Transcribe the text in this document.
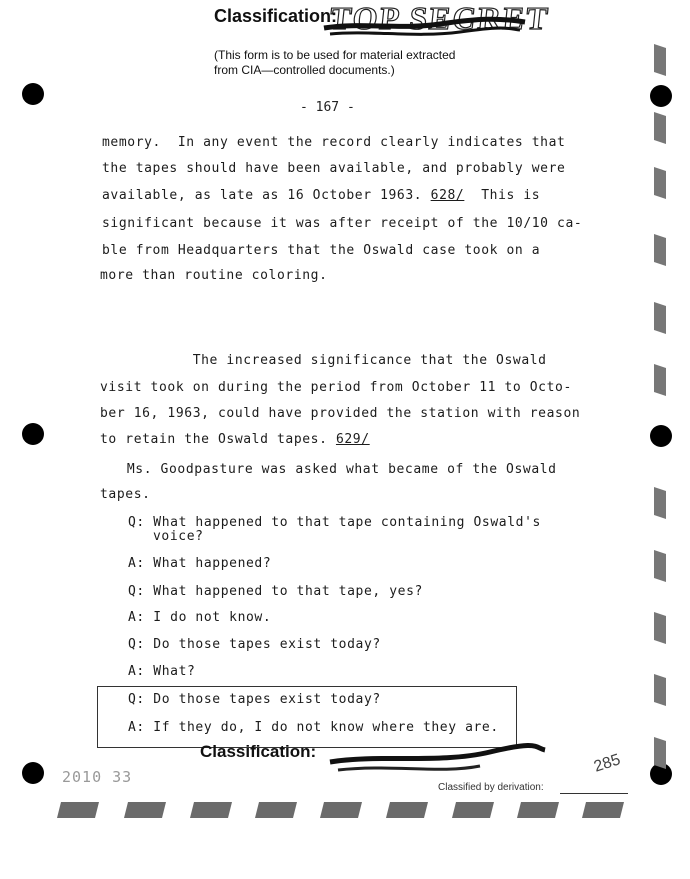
Classification:
TOP SECRET
(This form is to be used for material extracted
from CIA—controlled documents.)
- 167 -
memory.  In any event the record clearly indicates that
the tapes should have been available, and probably were
available, as late as 16 October 1963. 628/  This is
significant because it was after receipt of the 10/10 ca-
ble from Headquarters that the Oswald case took on a
more than routine coloring.
The increased significance that the Oswald
visit took on during the period from October 11 to Octo-
ber 16, 1963, could have provided the station with reason
to retain the Oswald tapes. 629/
Ms. Goodpasture was asked what became of the Oswald
tapes.
Q: What happened to that tape containing Oswald's
voice?
A: What happened?
Q: What happened to that tape, yes?
A: I do not know.
Q: Do those tapes exist today?
A: What?
Q: Do those tapes exist today?
A: If they do, I do not know where they are.
Classification:
Classified by derivation:
2010 33
285
